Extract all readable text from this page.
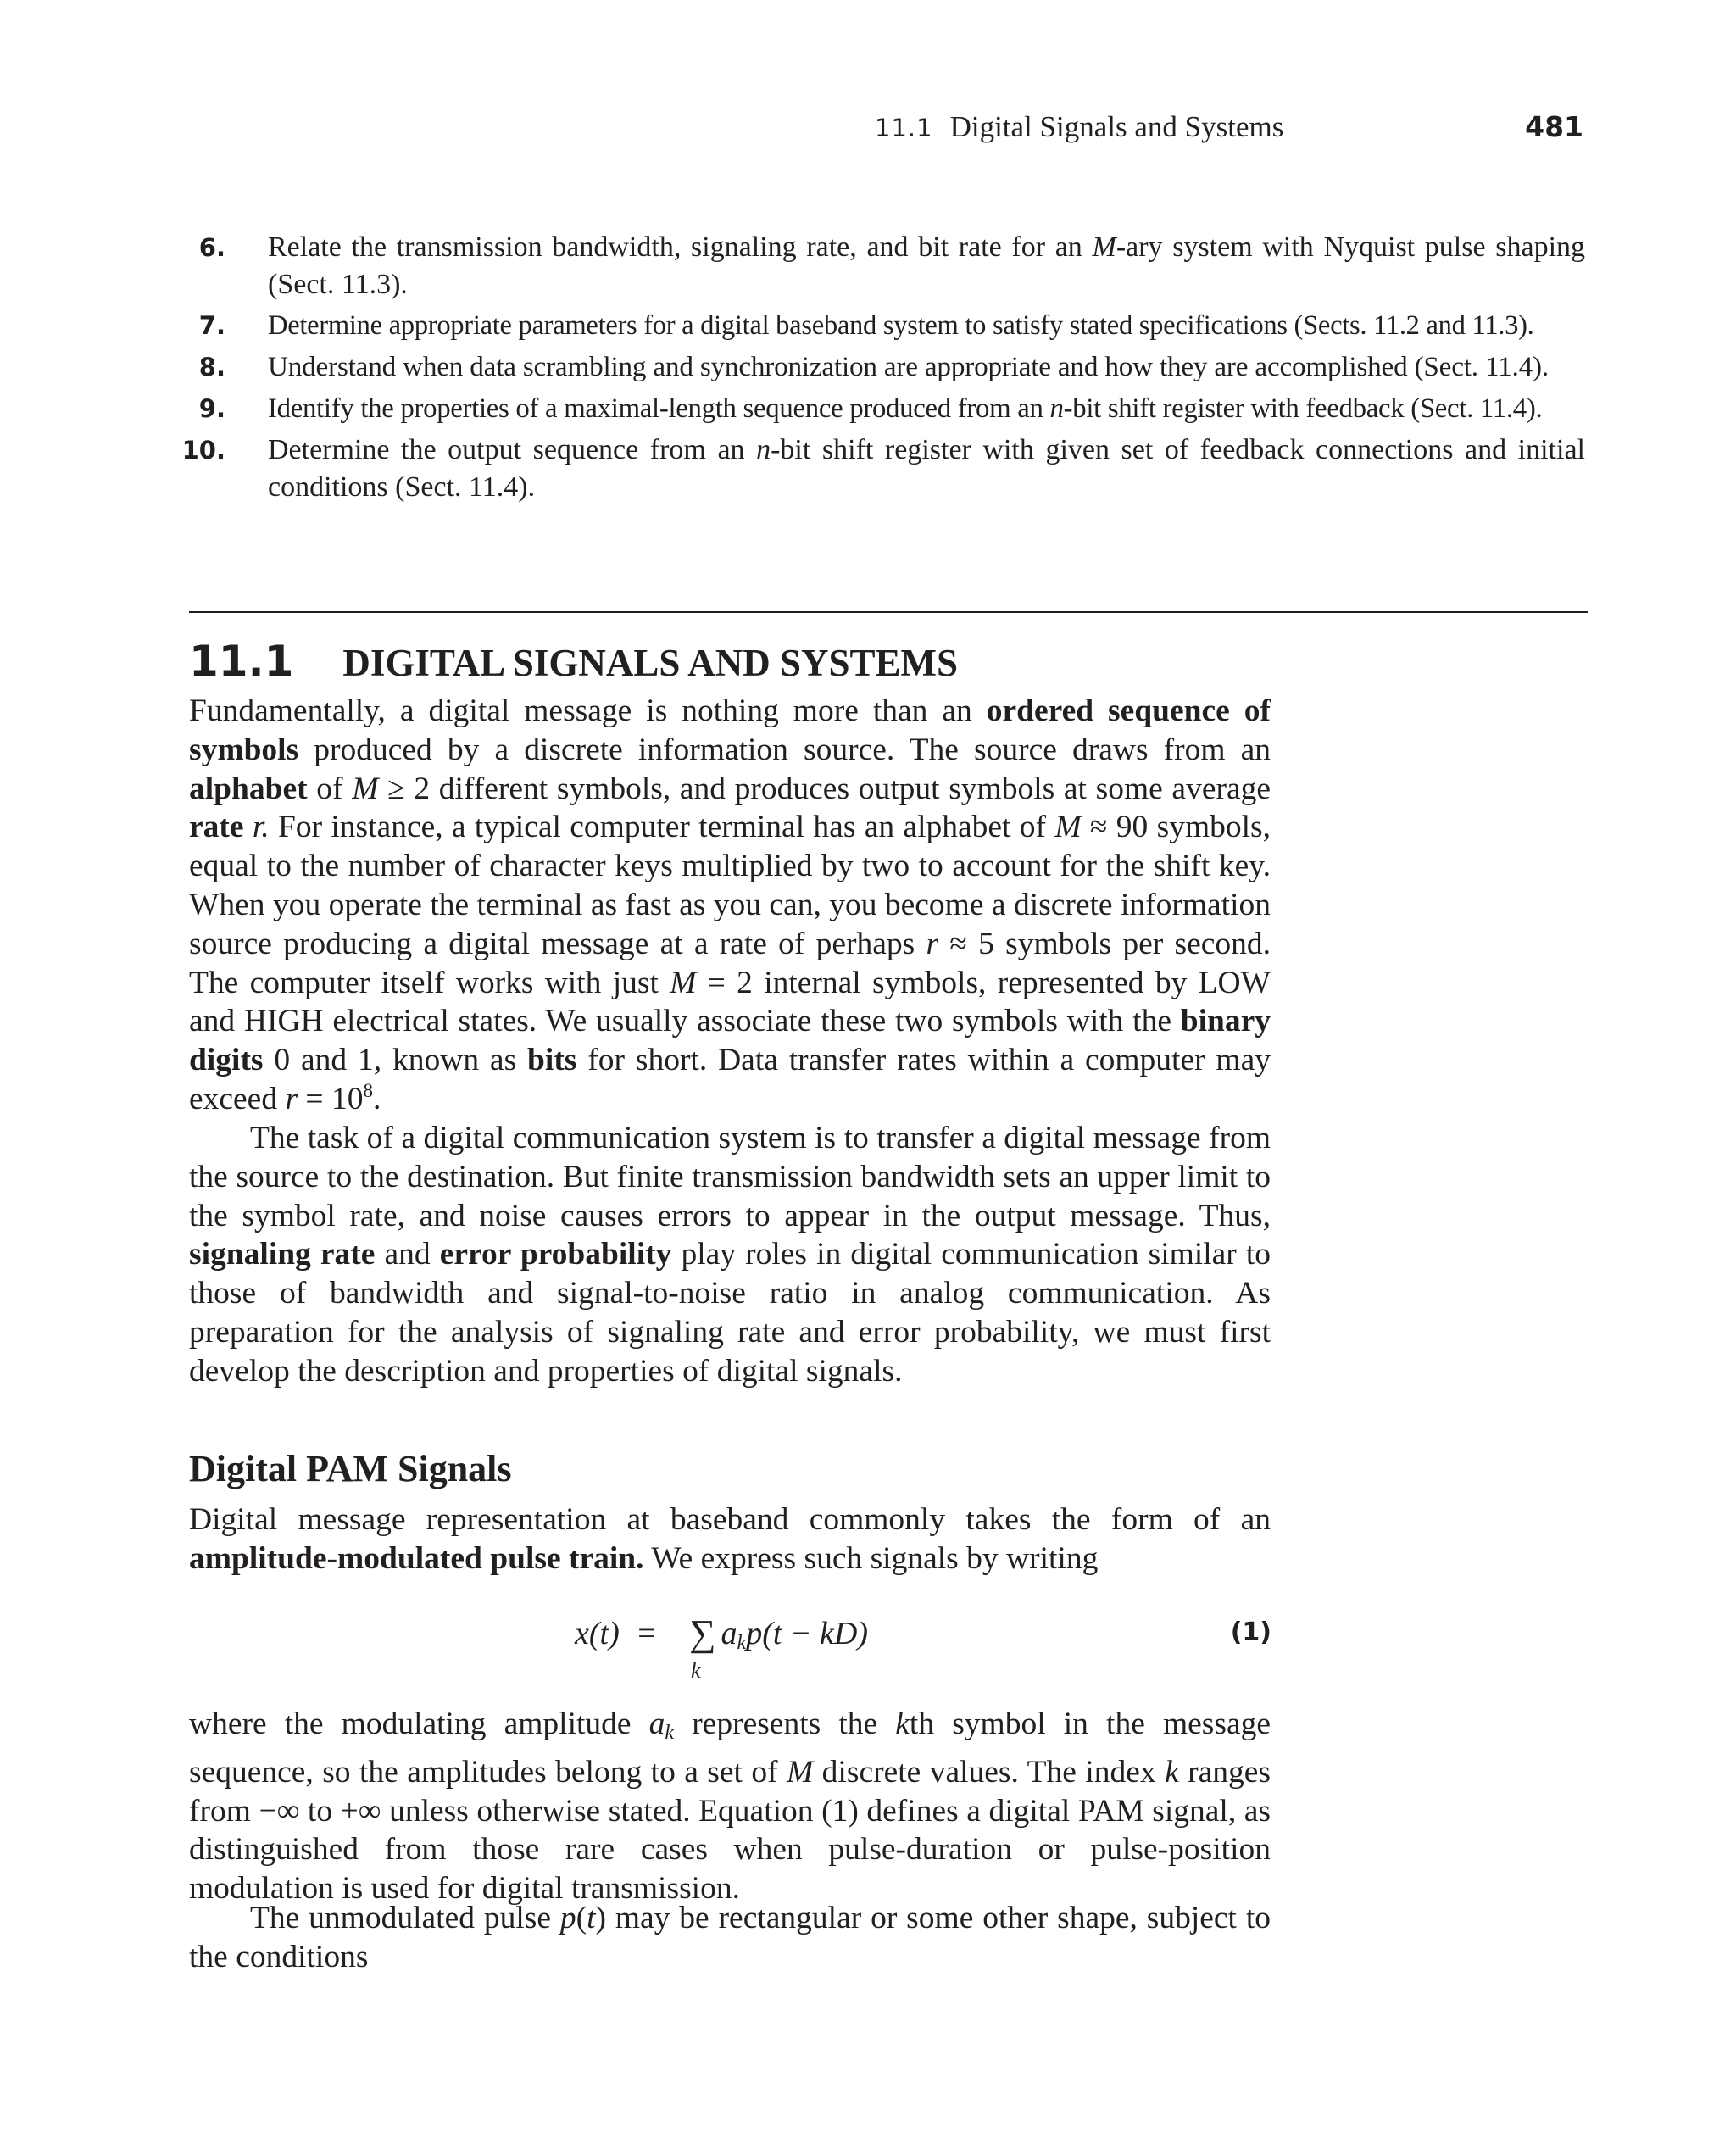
11.1 Digital Signals and Systems	481
6. Relate the transmission bandwidth, signaling rate, and bit rate for an M-ary system with Nyquist pulse shaping (Sect. 11.3).
7. Determine appropriate parameters for a digital baseband system to satisfy stated specifications (Sects. 11.2 and 11.3).
8. Understand when data scrambling and synchronization are appropriate and how they are accomplished (Sect. 11.4).
9. Identify the properties of a maximal-length sequence produced from an n-bit shift register with feedback (Sect. 11.4).
10. Determine the output sequence from an n-bit shift register with given set of feedback connections and initial conditions (Sect. 11.4).
11.1 DIGITAL SIGNALS AND SYSTEMS

Fundamentally, a digital message is nothing more than an ordered sequence of symbols produced by a discrete information source. The source draws from an alphabet of M ≥ 2 different symbols, and produces output symbols at some average rate r. For instance, a typical computer terminal has an alphabet of M ≈ 90 symbols, equal to the number of character keys multiplied by two to account for the shift key. When you operate the terminal as fast as you can, you become a discrete information source producing a digital message at a rate of perhaps r ≈ 5 symbols per second. The computer itself works with just M = 2 internal symbols, represented by LOW and HIGH electrical states. We usually associate these two symbols with the binary digits 0 and 1, known as bits for short. Data transfer rates within a computer may exceed $r = 10^8$.

The task of a digital communication system is to transfer a digital message from the source to the destination. But finite transmission bandwidth sets an upper limit to the symbol rate, and noise causes errors to appear in the output message. Thus, signaling rate and error probability play roles in digital communication similar to those of bandwidth and signal-to-noise ratio in analog communication. As preparation for the analysis of signaling rate and error probability, we must first develop the description and properties of digital signals.

Digital PAM Signals

Digital message representation at baseband commonly takes the form of an amplitude-modulated pulse train. We express such signals by writing

x(t) = ∑ $a_kp(t - kD)$
k
(1)

where the modulating amplitude $a_k$ represents the kth symbol in the message sequence, so the amplitudes belong to a set of M discrete values. The index k ranges from −∞ to +∞ unless otherwise stated. Equation (1) defines a digital PAM signal, as distinguished from those rare cases when pulse-duration or pulse-position modulation is used for digital transmission.

The unmodulated pulse p(t) may be rectangular or some other shape, subject to the conditions
